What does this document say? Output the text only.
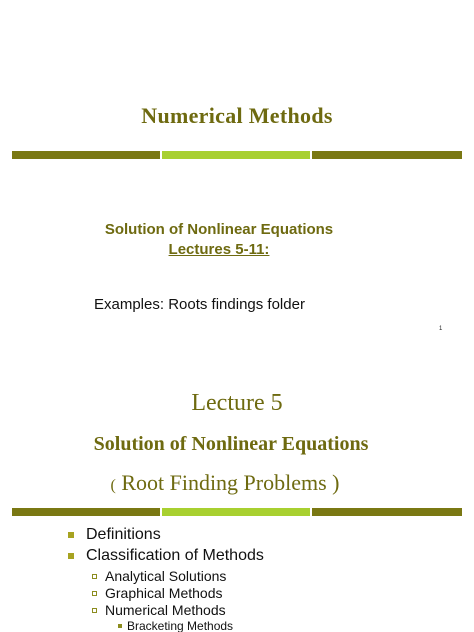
Numerical Methods
Solution of Nonlinear Equations
Lectures 5-11:
Examples: Roots findings folder
1
Lecture 5
Solution of Nonlinear Equations
( Root Finding Problems )
Definitions
Classification of Methods
Analytical Solutions
Graphical Methods
Numerical Methods
Bracketing Methods
